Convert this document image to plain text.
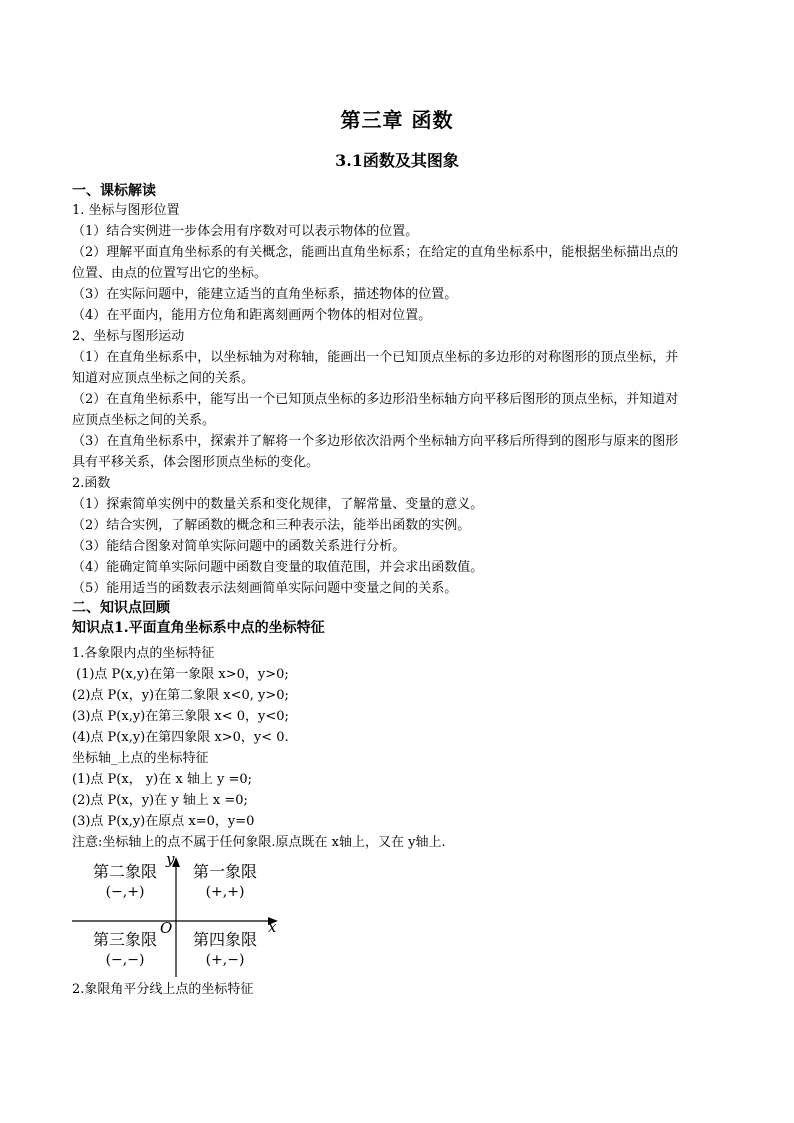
第三章 函数
3.1函数及其图象
一、课标解读

1. 坐标与图形位置

（1）结合实例进一步体会用有序数对可以表示物体的位置。

（2）理解平面直角坐标系的有关概念，能画出直角坐标系；在给定的直角坐标系中，能根据坐标描出点的

位置、由点的位置写出它的坐标。

（3）在实际问题中，能建立适当的直角坐标系，描述物体的位置。

（4）在平面内，能用方位角和距离刻画两个物体的相对位置。

2、坐标与图形运动

（1）在直角坐标系中，以坐标轴为对称轴，能画出一个已知顶点坐标的多边形的对称图形的顶点坐标，并

知道对应顶点坐标之间的关系。

（2）在直角坐标系中，能写出一个已知顶点坐标的多边形沿坐标轴方向平移后图形的顶点坐标，并知道对

应顶点坐标之间的关系。

（3）在直角坐标系中，探索并了解将一个多边形依次沿两个坐标轴方向平移后所得到的图形与原来的图形

具有平移关系，体会图形顶点坐标的变化。

2.函数

（1）探索简单实例中的数量关系和变化规律，了解常量、变量的意义。

（2）结合实例，了解函数的概念和三种表示法，能举出函数的实例。

（3）能结合图象对简单实际问题中的函数关系进行分析。

（4）能确定简单实际问题中函数自变量的取值范围，并会求出函数值。

（5）能用适当的函数表示法刻画简单实际问题中变量之间的关系。

二、知识点回顾
知识点1.平面直角坐标系中点的坐标特征

1.各象限内点的坐标特征

(1)点 P(x,y)在第一象限 x>0，y>0;

(2)点 P(x，y)在第二象限 x<0, y>0;

(3)点 P(x,y)在第三象限 x< 0，y<0;

(4)点 P(x,y)在第四象限 x>0，y< 0.

坐标轴_上点的坐标特征

(1)点 P(x， y)在 x 轴上 y =0;

(2)点 P(x，y)在 y 轴上 x =0;

(3)点 P(x,y)在原点 x=0，y=0

注意:坐标轴上的点不属于任何象限.原点既在 x轴上，又在 y轴上.

y
x
O
第二象限
(−,+)
第一象限
(+,+)
第三象限
(−,−)
第四象限
(+,−)

2.象限角平分线上点的坐标特征
